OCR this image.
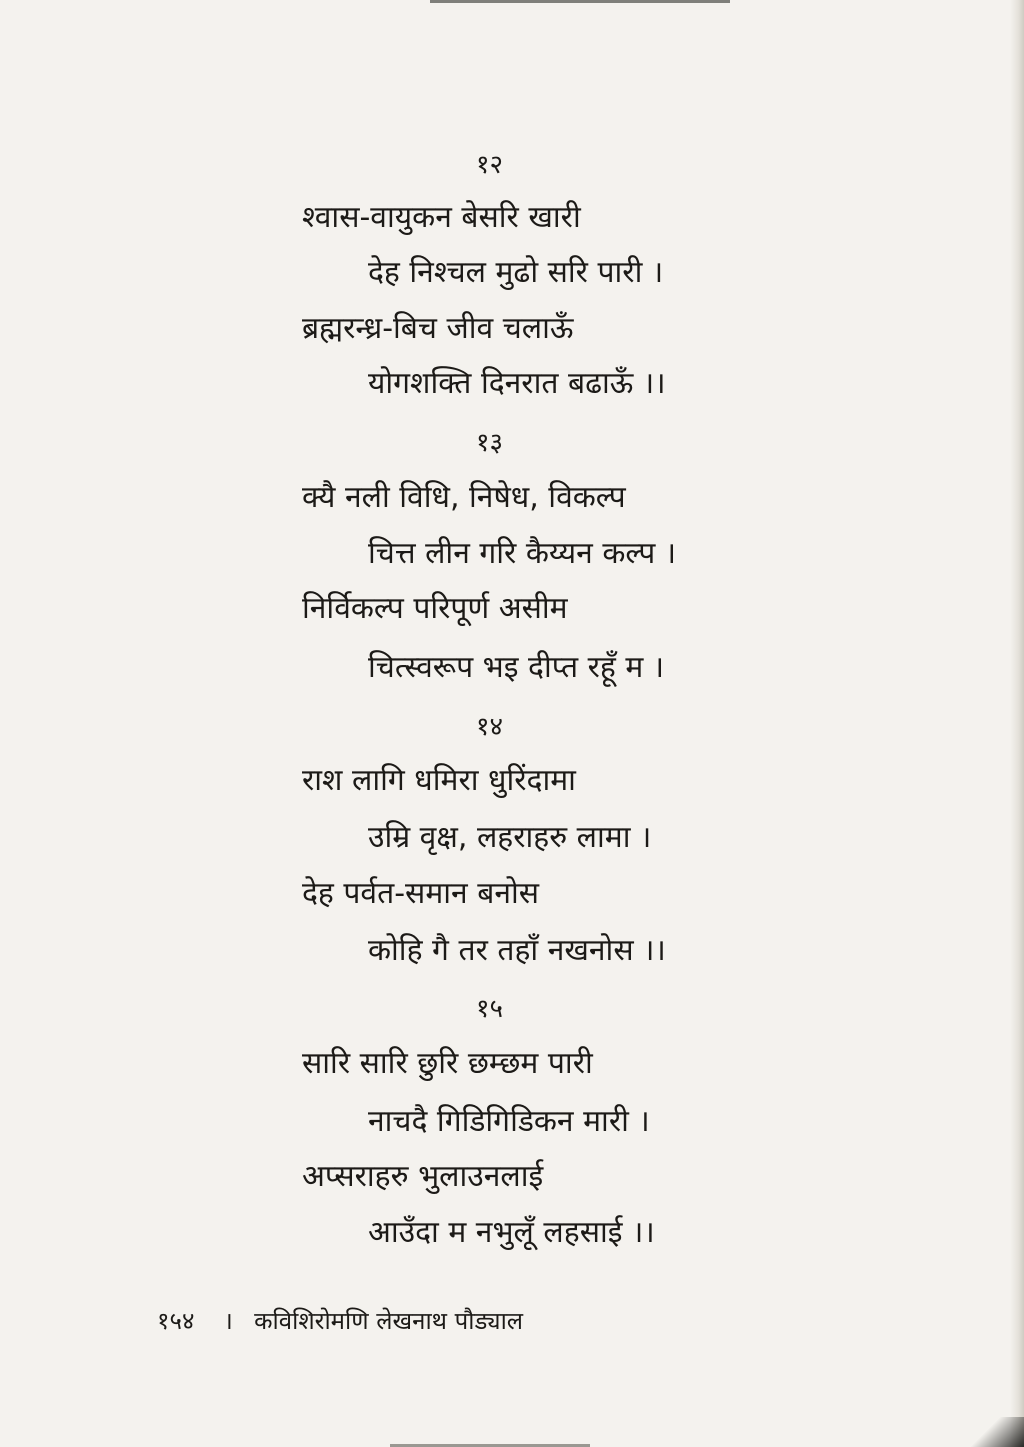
१२
श्वास-वायुकन बेसरि खारी
देह निश्चल मुढो सरि पारी ।
ब्रह्मरन्ध्र-बिच जीव चलाऊँ
योगशक्ति दिनरात बढाऊँ ।।
१३
क्यै नली विधि, निषेध, विकल्प
चित्त लीन गरि कैय्यन कल्प ।
निर्विकल्प परिपूर्ण असीम
चित्स्वरूप भइ दीप्त रहूँ म ।
१४
राश लागि धमिरा धुरिंदामा
उम्रि वृक्ष, लहराहरु लामा ।
देह पर्वत-समान बनोस
कोहि गै तर तहाँ नखनोस ।।
१५
सारि सारि छुरि छम्छम पारी
नाचदै गिडिगिडिकन मारी ।
अप्सराहरु भुलाउनलाई
आउँदा म नभुलूँ लहसाई ।।
१५४ । कविशिरोमणि लेखनाथ पौड्याल
